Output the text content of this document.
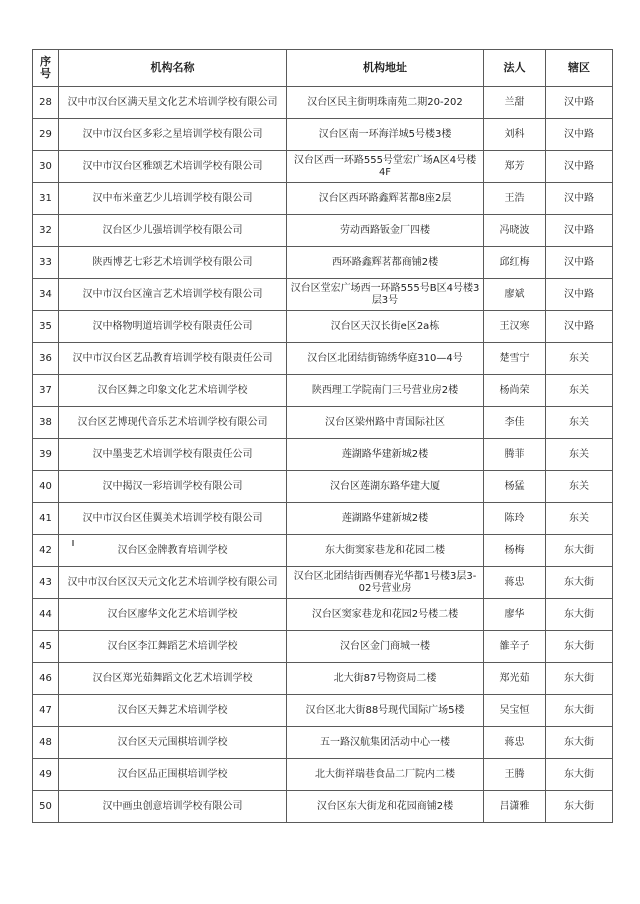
序号	机构名称	机构地址	法人	辖区
28	汉中市汉台区满天星文化艺术培训学校有限公司	汉台区民主街明珠南苑二期20-202	兰甜	汉中路
29	汉中市汉台区多彩之星培训学校有限公司	汉台区南一环海洋城5号楼3楼	刘科	汉中路
30	汉中市汉台区雅颂艺术培训学校有限公司	汉台区西一环路555号堂宏广场A区4号楼4F	郑芳	汉中路
31	汉中布米童艺少儿培训学校有限公司	汉台区西环路鑫辉茗都8座2层	王浩	汉中路
32	汉台区少儿强培训学校有限公司	劳动西路钣金厂四楼	冯晓波	汉中路
33	陕西博艺七彩艺术培训学校有限公司	西环路鑫辉茗都商铺2楼	邱红梅	汉中路
34	汉中市汉台区潼言艺术培训学校有限公司	汉台区堂宏广场西一环路555号B区4号楼3层3号	廖斌	汉中路
35	汉中格物明道培训学校有限责任公司	汉台区天汉长街e区2a栋	王汉寒	汉中路
36	汉中市汉台区艺品教育培训学校有限责任公司	汉台区北团结街锦绣华庭310—4号	楚雪宁	东关
37	汉台区舞之印象文化艺术培训学校	陕西理工学院南门三号营业房2楼	杨尚荣	东关
38	汉台区艺博现代音乐艺术培训学校有限公司	汉台区梁州路中青国际社区	李佳	东关
39	汉中墨斐艺术培训学校有限责任公司	莲湖路华建新城2楼	腾菲	东关
40	汉中揭汉一彩培训学校有限公司	汉台区莲湖东路华建大厦	杨猛	东关
41	汉中市汉台区佳翼美术培训学校有限公司	莲湖路华建新城2楼	陈玲	东关
42	汉台区金牌教育培训学校	东大街窦家巷龙和花园二楼	杨梅	东大街
43	汉中市汉台区汉天元文化艺术培训学校有限公司	汉台区北团结街西侧春光华都1号楼3层3-02号营业房	蒋忠	东大街
44	汉台区廖华文化艺术培训学校	汉台区窦家巷龙和花园2号楼二楼	廖华	东大街
45	汉台区李江舞蹈艺术培训学校	汉台区金门商城一楼	雒辛子	东大街
46	汉台区郑光茹舞蹈文化艺术培训学校	北大街87号物资局二楼	郑光茹	东大街
47	汉台区天舞艺术培训学校	汉台区北大街88号现代国际广场5楼	吴宝恒	东大街
48	汉台区天元围棋培训学校	五一路汉航集团活动中心一楼	蒋忠	东大街
49	汉台区品正围棋培训学校	北大街祥瑞巷食品二厂院内二楼	王腾	东大街
50	汉中画虫创意培训学校有限公司	汉台区东大街龙和花园商铺2楼	吕潇雅	东大街
